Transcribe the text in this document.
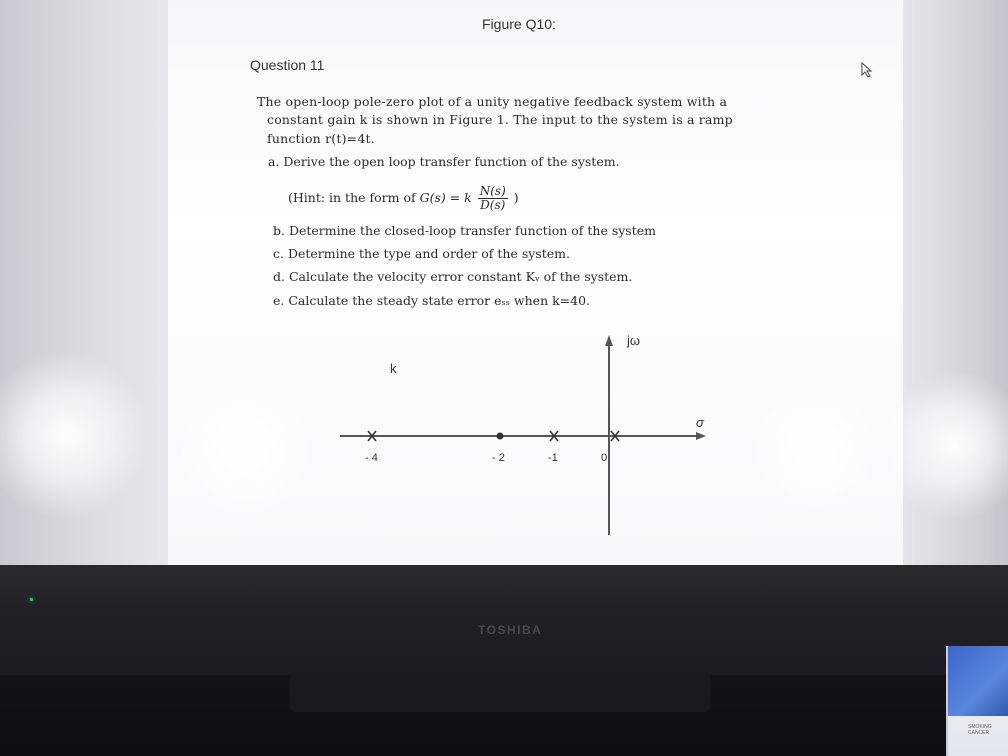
Figure Q10:
Question 11
The open-loop pole-zero plot of a unity negative feedback system with a
constant gain k is shown in Figure 1. The input to the system is a ramp
function r(t)=4t.
a. Derive the open loop transfer function of the system.
(Hint: in the form of G(s) = k $\frac{N(s)}{D(s)}$ )
b. Determine the closed-loop transfer function of the system
c. Determine the type and order of the system.
d. Calculate the velocity error constant Kᵥ of the system.
e. Calculate the steady state error eₛₛ when k=40.
jω
σ
k
- 4	- 2	-1	0
TOSHIBA
SMOKING CANCER
